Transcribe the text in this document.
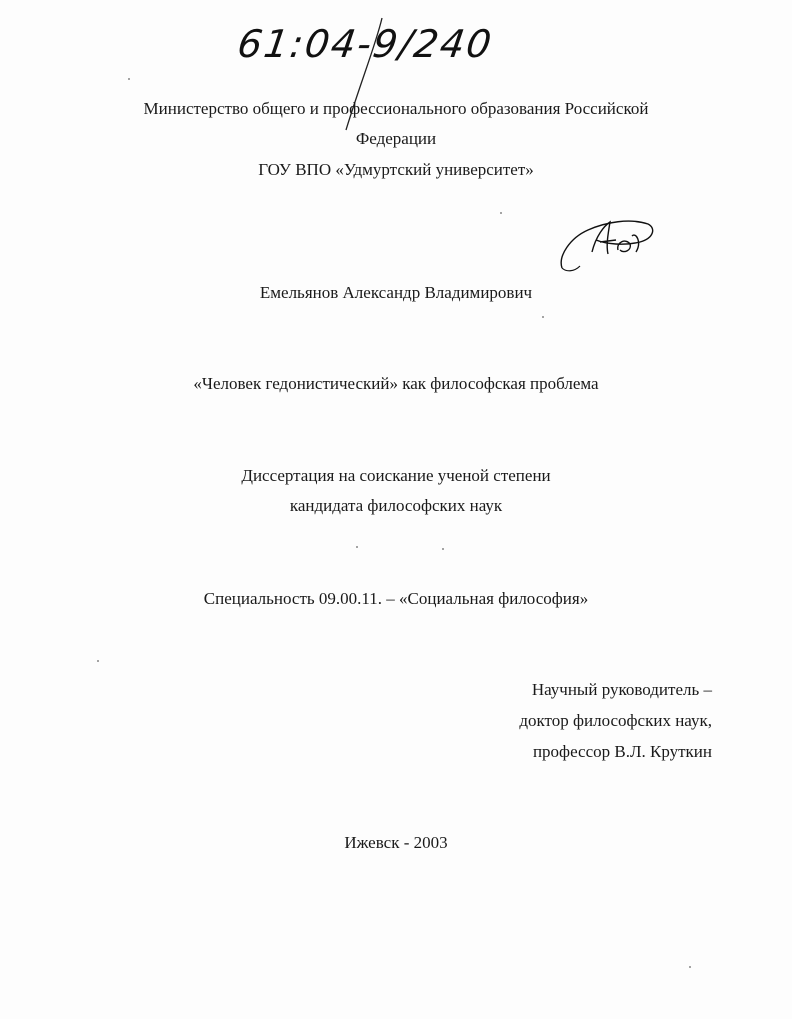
61:04-9/240
Министерство общего и профессионального образования Российской
Федерации
ГОУ ВПО «Удмуртский университет»
Емельянов Александр Владимирович
«Человек гедонистический» как философская проблема
Диссертация на соискание ученой степени
кандидата философских наук
Специальность 09.00.11. – «Социальная философия»
Научный руководитель –
доктор философских наук,
профессор В.Л. Круткин
Ижевск - 2003
